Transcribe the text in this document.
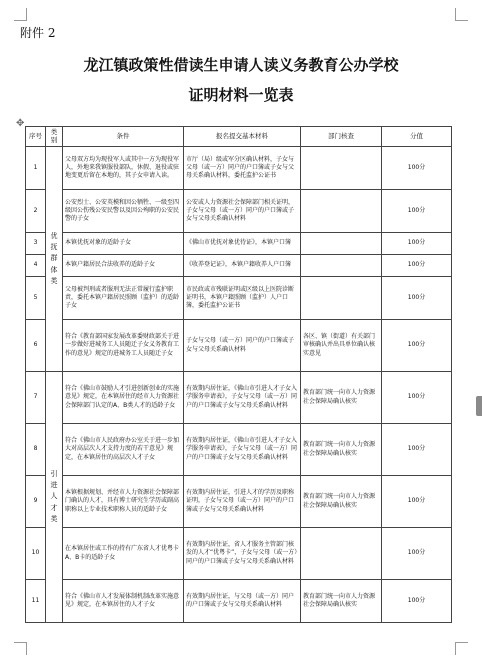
附件 2
龙江镇政策性借读生申请人读义务教育公办学校
证明材料一览表
✥
序号	类别	条件	报名提交基本材料	部门核查	分值
1	优抚群体类	父母双方均为现役军人或其中一方为现役军人，外地来我镇服役部队，休假、退役或驻地变更后留在本地的，其子女申请入读。	市厅（局）级或军分区确认材料，子女与父母（或一方）同户的户口簿或子女与父母关系确认材料，委托监护公证书		100分
2		公安烈士、公安英模和因公牺牲、一级至四级因公伤残公安民警以及因公殉职的公安民警的子女	公安或人力资源社会保障部门相关证明，子女与父母（或一方）同户的户口簿或子女与父母关系确认材料		100分
3		本镇优抚对象的适龄子女	《佛山市优抚对象优待证》，本镇户口簿		100分
4		本镇户籍居民合法收养的适龄子女	《收养登记证》，本镇户籍收养人户口簿		100分
5		父母被判刑或者服刑无法正常履行监护职责，委托本镇户籍居民照顾（监护）的适龄子女	市民政或市残联证明或区级以上医院诊断证明书，本镇户籍照顾（监护）人户口簿，委托监护公证书		100分
6		符合《教育部国家发展改革委财政部关于进一步做好进城务工人员随迁子女义务教育工作的意见》规定的进城务工人员随迁子女	子女与父母（或一方）同户的户口簿或子女与父母关系确认材料	各区、镇（街道）有关部门审核确认并出具单位确认核实意见	100分
7	引进人才类	符合《佛山市鼓励人才引进创新创业的实施意见》规定，在本镇居住的经市人力资源社会保障部门认定的A、B类人才的适龄子女	有效期内居住证，《佛山市引进人才子女入学服务申请表》，子女与父母（或一方）同户的户口簿或子女与父母关系确认材料	教育部门统一向市人力资源社会保障局确认核实	100分
8		符合《佛山市人民政府办公室关于进一步加大对高层次人才支持力度的若干意见》规定，在本镇居住的高层次人才子女	有效期内居住证，《佛山市引进人才子女入学服务申请表》，子女与父母（或一方）同户的户口簿或子女与父母关系确认材料	教育部门统一向市人力资源社会保障局确认核实	100分
9		本镇根据规划、并经市人力资源社会保障部门确认的人才，具有博士研究生学历或副高职称以上专业技术职称人员的适龄子女	有效期内居住证，引进人才的学历及职称证明，子女与父母（或一方）同户的户口簿或子女与父母关系确认材料	教育部门统一向市人力资源社会保障局确认核实	100分
10		在本镇居住或工作的持有广东省人才优粤卡A、B卡的适龄子女	有效期内居住证，省人才服务主管部门核发的人才“优粤卡”，子女与父母（或一方）同户的户口簿或子女与父母关系确认材料		100分
11		符合《佛山市人才发展体制机制改革实施意见》规定，在本镇居住的人才子女	有效期内居住证，与父母（或一方）同户的户口簿或子女与父母关系确认材料	教育部门统一向市人力资源社会保障局确认核实	100分
